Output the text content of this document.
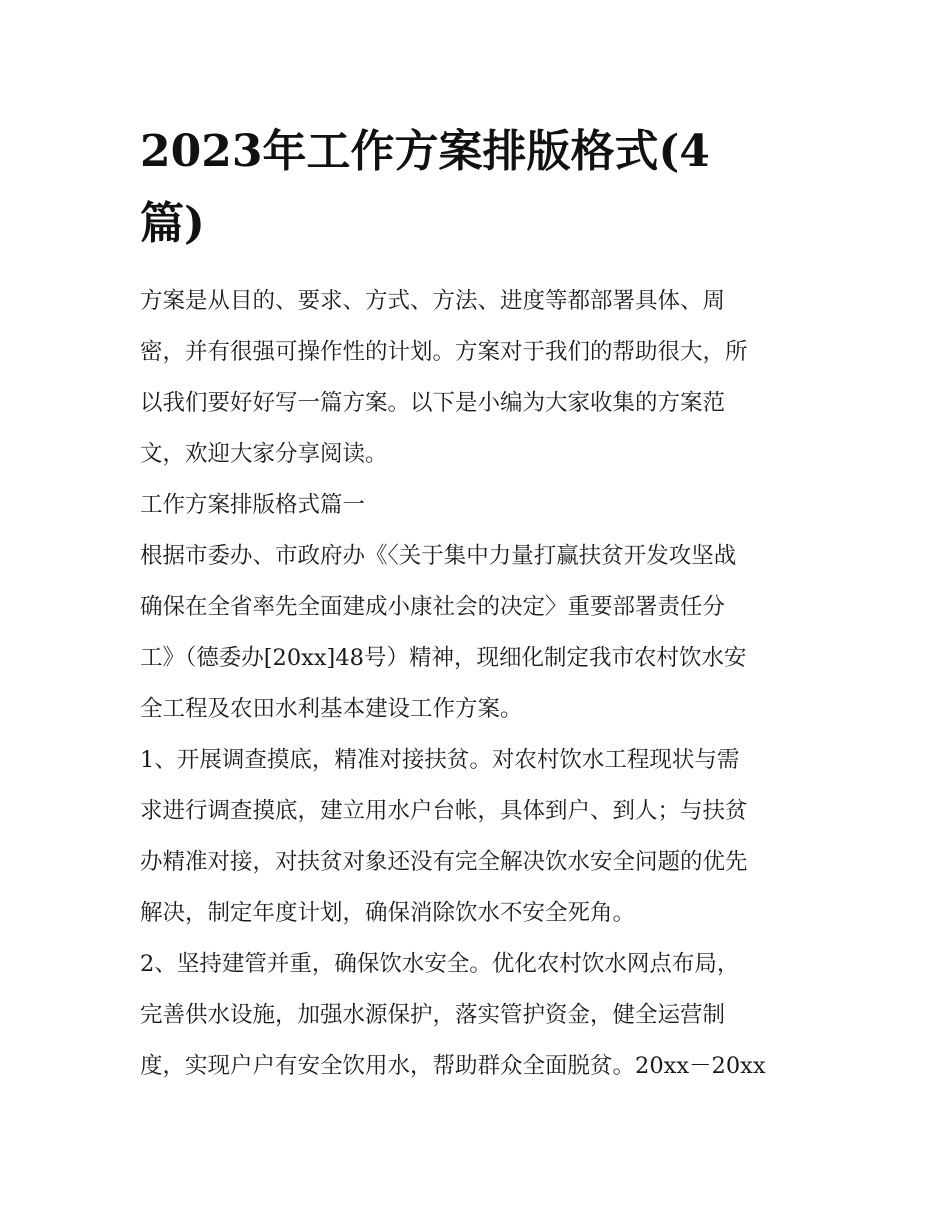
2023年工作方案排版格式(4
篇)
方案是从目的、要求、方式、方法、进度等都部署具体、周
密，并有很强可操作性的计划。方案对于我们的帮助很大，所
以我们要好好写一篇方案。以下是小编为大家收集的方案范
文，欢迎大家分享阅读。
工作方案排版格式篇一
根据市委办、市政府办《〈关于集中力量打赢扶贫开发攻坚战
确保在全省率先全面建成小康社会的决定〉重要部署责任分
工》（德委办[20xx]48号）精神，现细化制定我市农村饮水安
全工程及农田水利基本建设工作方案。
1、开展调查摸底，精准对接扶贫。对农村饮水工程现状与需
求进行调查摸底，建立用水户台帐，具体到户、到人；与扶贫
办精准对接，对扶贫对象还没有完全解决饮水安全问题的优先
解决，制定年度计划，确保消除饮水不安全死角。
2、坚持建管并重，确保饮水安全。优化农村饮水网点布局，
完善供水设施，加强水源保护，落实管护资金，健全运营制
度，实现户户有安全饮用水，帮助群众全面脱贫。20xx－20xx
